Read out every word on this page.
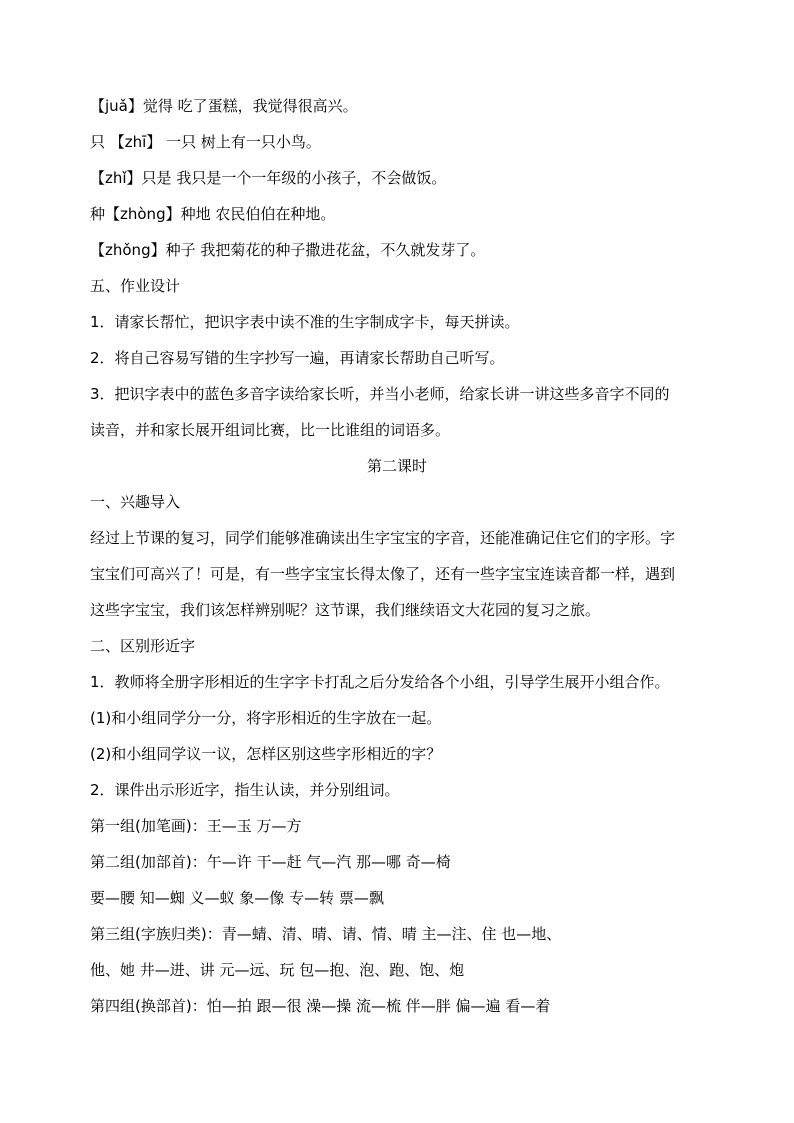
【juǎ】觉得 吃了蛋糕，我觉得很高兴。
只 【zhī】 一只 树上有一只小鸟。
【zhǐ】只是 我只是一个一年级的小孩子，不会做饭。
种【zhòng】种地 农民伯伯在种地。
【zhǒng】种子 我把菊花的种子撒进花盆，不久就发芽了。
五、作业设计
1．请家长帮忙，把识字表中读不准的生字制成字卡，每天拼读。
2．将自己容易写错的生字抄写一遍，再请家长帮助自己听写。
3．把识字表中的蓝色多音字读给家长听，并当小老师，给家长讲一讲这些多音字不同的
读音，并和家长展开组词比赛，比一比谁组的词语多。
第二课时
一、兴趣导入
经过上节课的复习，同学们能够准确读出生字宝宝的字音，还能准确记住它们的字形。字
宝宝们可高兴了！可是，有一些字宝宝长得太像了，还有一些字宝宝连读音都一样，遇到
这些字宝宝，我们该怎样辨别呢？这节课，我们继续语文大花园的复习之旅。
二、区别形近字
1．教师将全册字形相近的生字字卡打乱之后分发给各个小组，引导学生展开小组合作。
(1)和小组同学分一分，将字形相近的生字放在一起。
(2)和小组同学议一议，怎样区别这些字形相近的字？
2．课件出示形近字，指生认读，并分别组词。
第一组(加笔画)：王—玉 万—方
第二组(加部首)：午—许 干—赶 气—汽 那—哪 奇—椅
要—腰 知—蜘 义—蚁 象—像 专—转 票—飘
第三组(字族归类)：青—蜻、清、晴、请、情、晴 主—注、住 也—地、
他、她 井—进、讲 元—远、玩 包—抱、泡、跑、饱、炮
第四组(换部首)：怕—拍 跟—很 澡—操 流—梳 伴—胖 偏—遍 看—着
